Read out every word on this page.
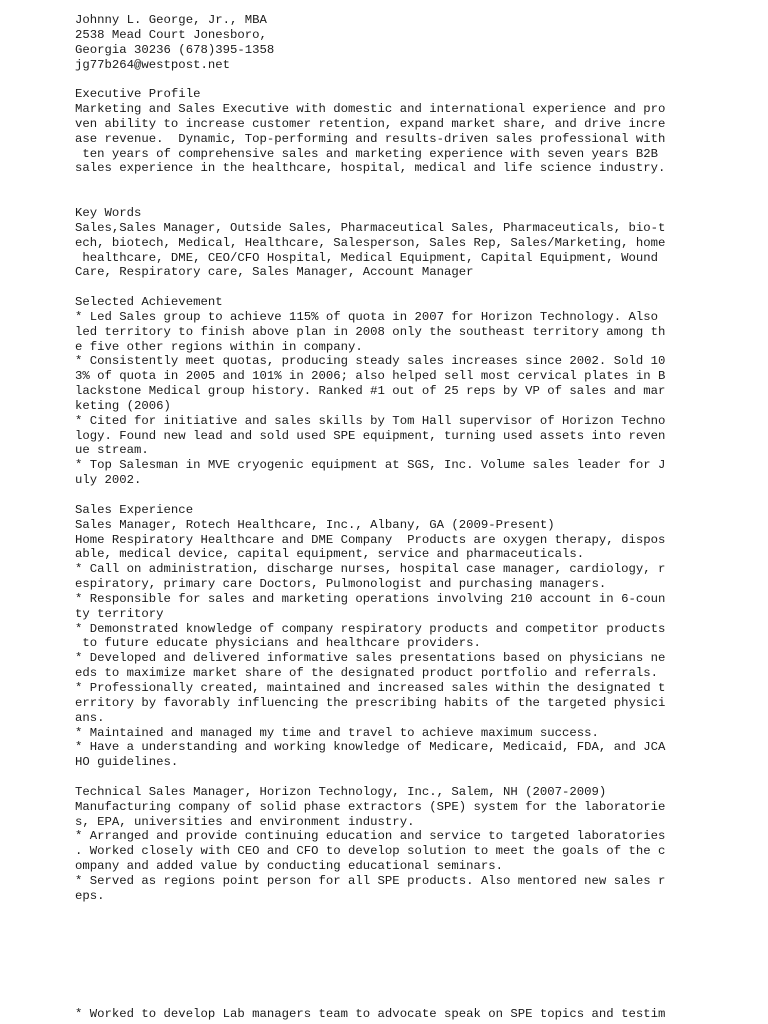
Johnny L. George, Jr., MBA
2538 Mead Court Jonesboro,
Georgia 30236 (678)395-1358
jg77b264@westpost.net
Executive Profile
Marketing and Sales Executive with domestic and international experience and pro
ven ability to increase customer retention, expand market share, and drive incre
ase revenue.  Dynamic, Top-performing and results-driven sales professional with
ten years of comprehensive sales and marketing experience with seven years B2B
sales experience in the healthcare, hospital, medical and life science industry.
Key Words
Sales,Sales Manager, Outside Sales, Pharmaceutical Sales, Pharmaceuticals, bio-t
ech, biotech, Medical, Healthcare, Salesperson, Sales Rep, Sales/Marketing, home
healthcare, DME, CEO/CFO Hospital, Medical Equipment, Capital Equipment, Wound
Care, Respiratory care, Sales Manager, Account Manager
Selected Achievement
* Led Sales group to achieve 115% of quota in 2007 for Horizon Technology. Also
led territory to finish above plan in 2008 only the southeast territory among th
e five other regions within in company.
* Consistently meet quotas, producing steady sales increases since 2002. Sold 10
3% of quota in 2005 and 101% in 2006; also helped sell most cervical plates in B
lackstone Medical group history. Ranked #1 out of 25 reps by VP of sales and mar
keting (2006)
* Cited for initiative and sales skills by Tom Hall supervisor of Horizon Techno
logy. Found new lead and sold used SPE equipment, turning used assets into reven
ue stream.
* Top Salesman in MVE cryogenic equipment at SGS, Inc. Volume sales leader for J
uly 2002.
Sales Experience
Sales Manager, Rotech Healthcare, Inc., Albany, GA (2009-Present)
Home Respiratory Healthcare and DME Company  Products are oxygen therapy, dispos
able, medical device, capital equipment, service and pharmaceuticals.
* Call on administration, discharge nurses, hospital case manager, cardiology, r
espiratory, primary care Doctors, Pulmonologist and purchasing managers.
* Responsible for sales and marketing operations involving 210 account in 6-coun
ty territory
* Demonstrated knowledge of company respiratory products and competitor products
to future educate physicians and healthcare providers.
* Developed and delivered informative sales presentations based on physicians ne
eds to maximize market share of the designated product portfolio and referrals.
* Professionally created, maintained and increased sales within the designated t
erritory by favorably influencing the prescribing habits of the targeted physici
ans.
* Maintained and managed my time and travel to achieve maximum success.
* Have a understanding and working knowledge of Medicare, Medicaid, FDA, and JCA
HO guidelines.
Technical Sales Manager, Horizon Technology, Inc., Salem, NH (2007-2009)
Manufacturing company of solid phase extractors (SPE) system for the laboratorie
s, EPA, universities and environment industry.
* Arranged and provide continuing education and service to targeted laboratories
. Worked closely with CEO and CFO to develop solution to meet the goals of the c
ompany and added value by conducting educational seminars.
* Served as regions point person for all SPE products. Also mentored new sales r
eps.
* Worked to develop Lab managers team to advocate speak on SPE topics and testim
